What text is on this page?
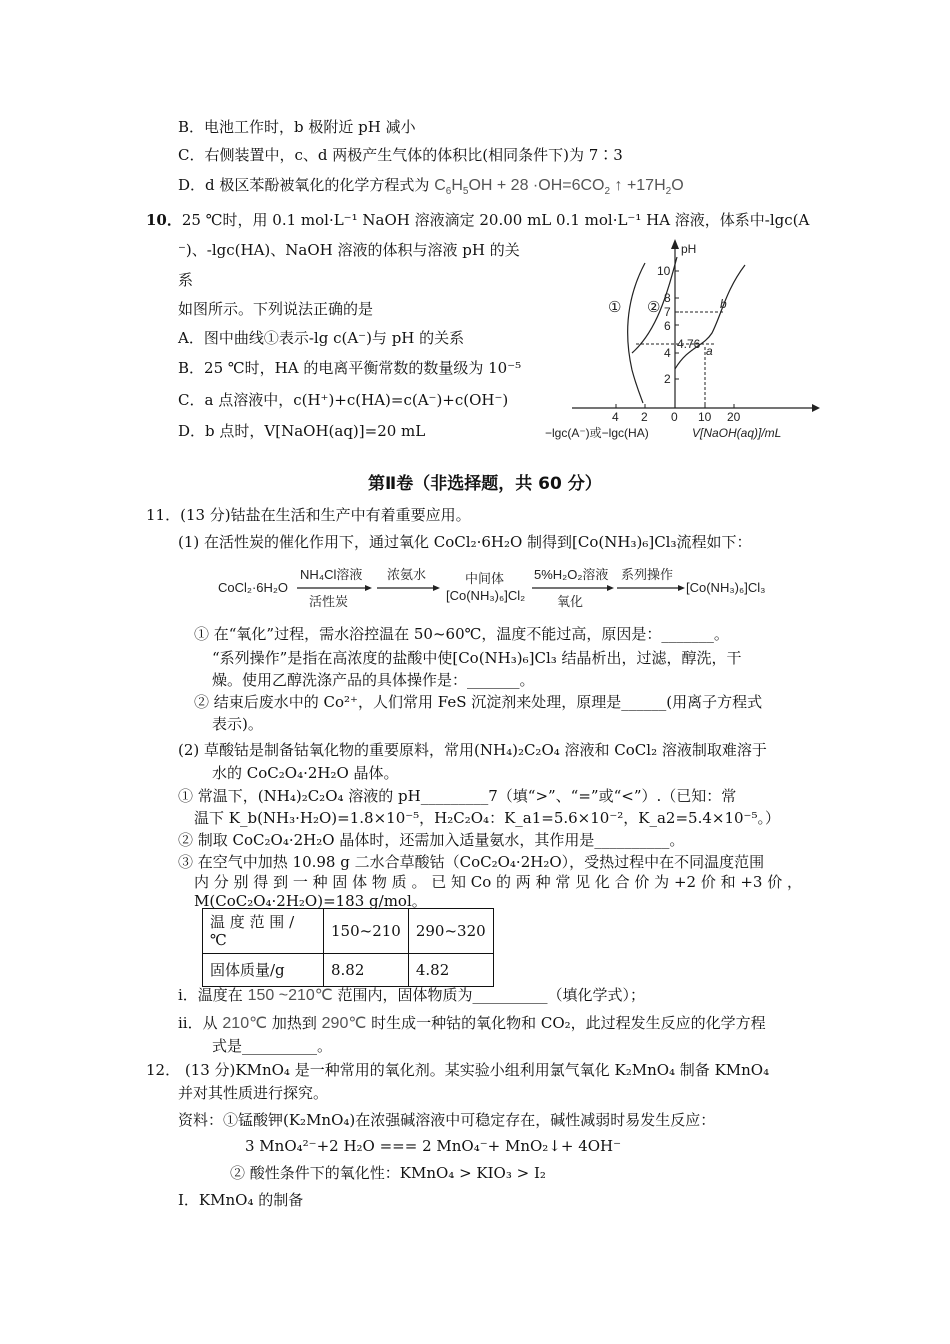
B．电池工作时，b 极附近 pH 减小
C．右侧装置中，c、d 两极产生气体的体积比(相同条件下)为 7∶3
D．d 极区苯酚被氧化的化学方程式为 $C_6H_5OH + 28 \cdot OH=6CO_2$ ↑ $+17H_2O$
10．25 ℃时，用 0.1 mol·L⁻¹ NaOH 溶液滴定 20.00 mL 0.1 mol·L⁻¹ HA 溶液，体系中-lgc(A
⁻)、-lgc(HA)、NaOH 溶液的体积与溶液 pH 的关
系
如图所示。下列说法正确的是
A．图中曲线①表示-lg c(A⁻)与 pH 的关系
B．25 ℃时，HA 的电离平衡常数的数量级为 10⁻⁵
C．a 点溶液中，c(H⁺)+c(HA)=c(A⁻)+c(OH⁻)
D．b 点时，V[NaOH(aq)]=20 mL
pH
2
4
6
7
8
10
4.76
4 2 0 10 20
−lgc(A⁻)或−lgc(HA)	V[NaOH(aq)]/mL
① ②
a
b
第Ⅱ卷（非选择题，共 60 分）
11．(13 分)钴盐在生活和生产中有着重要应用。
(1) 在活性炭的催化作用下，通过氧化 CoCl₂·6H₂O 制得到[Co(NH₃)₆]Cl₃流程如下：
CoCl₂·6H₂O
NH₄Cl溶液
活性炭
浓氨水	中间体
[Co(NH₃)₆]Cl₂
5%H₂O₂溶液
氧化
系列操作
[Co(NH₃)₆]Cl₃
① 在“氧化”过程，需水浴控温在 50~60℃，温度不能过高，原因是：_______。
“系列操作”是指在高浓度的盐酸中使[Co(NH₃)₆]Cl₃ 结晶析出，过滤，醇洗，干
燥。使用乙醇洗涤产品的具体操作是：_______。
② 结束后废水中的 Co²⁺，人们常用 FeS 沉淀剂来处理，原理是______(用离子方程式
表示)。
(2) 草酸钴是制备钴氧化物的重要原料，常用(NH₄)₂C₂O₄ 溶液和 CoCl₂ 溶液制取难溶于
水的 CoC₂O₄·2H₂O 晶体。
① 常温下，(NH₄)₂C₂O₄ 溶液的 pH_________7（填“>”、“=”或“<”）.（已知：常
温下 K_b(NH₃·H₂O)=1.8×10⁻⁵，H₂C₂O₄：K_a1=5.6×10⁻²，K_a2=5.4×10⁻⁵。）
② 制取 CoC₂O₄·2H₂O 晶体时，还需加入适量氨水，其作用是__________。
③ 在空气中加热 10.98 g 二水合草酸钴（CoC₂O₄·2H₂O），受热过程中在不同温度范围
内 分 别 得 到 一 种 固 体 物 质 。 已 知 Co 的 两 种 常 见 化 合 价 为 +2 价 和 +3 价 ，
M(CoC₂O₄·2H₂O)=183 g/mol。
温 度 范 围 /
℃	150~210	290~320
固体质量/g	8.82	4.82
i．温度在 150 ~210℃ 范围内，固体物质为__________（填化学式）；
ii．从 210℃ 加热到 290℃ 时生成一种钴的氧化物和 CO₂，此过程发生反应的化学方程
式是__________。
12． (13 分)KMnO₄ 是一种常用的氧化剂。某实验小组利用氯气氧化 K₂MnO₄ 制备 KMnO₄
并对其性质进行探究。
资料：①锰酸钾(K₂MnO₄)在浓强碱溶液中可稳定存在，碱性减弱时易发生反应：
3 MnO₄²⁻+2 H₂O === 2 MnO₄⁻+ MnO₂↓+ 4OH⁻
② 酸性条件下的氧化性：KMnO₄ > KIO₃ > I₂
I．KMnO₄ 的制备
